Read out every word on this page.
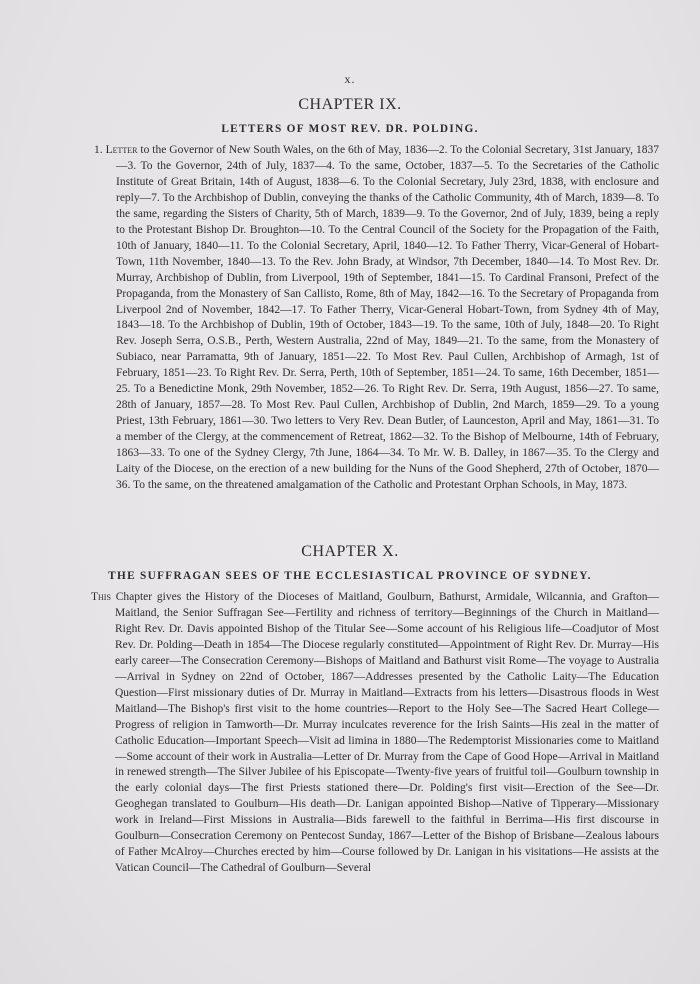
x.
CHAPTER IX.
LETTERS OF MOST REV. DR. POLDING.

1. Letter to the Governor of New South Wales, on the 6th of May, 1836—2. To the Colonial Secretary, 31st January, 1837—3. To the Governor, 24th of July, 1837—4. To the same, October, 1837—5. To the Secretaries of the Catholic Institute of Great Britain, 14th of August, 1838—6. To the Colonial Secretary, July 23rd, 1838, with enclosure and reply—7. To the Archbishop of Dublin, conveying the thanks of the Catholic Community, 4th of March, 1839—8. To the same, regarding the Sisters of Charity, 5th of March, 1839—9. To the Governor, 2nd of July, 1839, being a reply to the Protestant Bishop Dr. Broughton—10. To the Central Council of the Society for the Propagation of the Faith, 10th of January, 1840—11. To the Colonial Secretary, April, 1840—12. To Father Therry, Vicar-General of Hobart-Town, 11th November, 1840—13. To the Rev. John Brady, at Windsor, 7th December, 1840—14. To Most Rev. Dr. Murray, Archbishop of Dublin, from Liverpool, 19th of September, 1841—15. To Cardinal Fransoni, Prefect of the Propaganda, from the Monastery of San Callisto, Rome, 8th of May, 1842—16. To the Secretary of Propaganda from Liverpool 2nd of November, 1842—17. To Father Therry, Vicar-General Hobart-Town, from Sydney 4th of May, 1843—18. To the Archbishop of Dublin, 19th of October, 1843—19. To the same, 10th of July, 1848—20. To Right Rev. Joseph Serra, O.S.B., Perth, Western Australia, 22nd of May, 1849—21. To the same, from the Monastery of Subiaco, near Parramatta, 9th of January, 1851—22. To Most Rev. Paul Cullen, Archbishop of Armagh, 1st of February, 1851—23. To Right Rev. Dr. Serra, Perth, 10th of September, 1851—24. To same, 16th December, 1851—25. To a Benedictine Monk, 29th November, 1852—26. To Right Rev. Dr. Serra, 19th August, 1856—27. To same, 28th of January, 1857—28. To Most Rev. Paul Cullen, Archbishop of Dublin, 2nd March, 1859—29. To a young Priest, 13th February, 1861—30. Two letters to Very Rev. Dean Butler, of Launceston, April and May, 1861—31. To a member of the Clergy, at the commencement of Retreat, 1862—32. To the Bishop of Melbourne, 14th of February, 1863—33. To one of the Sydney Clergy, 7th June, 1864—34. To Mr. W. B. Dalley, in 1867—35. To the Clergy and Laity of the Diocese, on the erection of a new building for the Nuns of the Good Shepherd, 27th of October, 1870—36. To the same, on the threatened amalgamation of the Catholic and Protestant Orphan Schools, in May, 1873.

CHAPTER X.
THE SUFFRAGAN SEES OF THE ECCLESIASTICAL PROVINCE OF SYDNEY.

This Chapter gives the History of the Dioceses of Maitland, Goulburn, Bathurst, Armidale, Wilcannia, and Grafton—Maitland, the Senior Suffragan See—Fertility and richness of territory—Beginnings of the Church in Maitland—Right Rev. Dr. Davis appointed Bishop of the Titular See—Some account of his Religious life—Coadjutor of Most Rev. Dr. Polding—Death in 1854—The Diocese regularly constituted—Appointment of Right Rev. Dr. Murray—His early career—The Consecration Ceremony—Bishops of Maitland and Bathurst visit Rome—The voyage to Australia—Arrival in Sydney on 22nd of October, 1867—Addresses presented by the Catholic Laity—The Education Question—First missionary duties of Dr. Murray in Maitland—Extracts from his letters—Disastrous floods in West Maitland—The Bishop's first visit to the home countries—Report to the Holy See—The Sacred Heart College—Progress of religion in Tamworth—Dr. Murray inculcates reverence for the Irish Saints—His zeal in the matter of Catholic Education—Important Speech—Visit ad limina in 1880—The Redemptorist Missionaries come to Maitland—Some account of their work in Australia—Letter of Dr. Murray from the Cape of Good Hope—Arrival in Maitland in renewed strength—The Silver Jubilee of his Episcopate—Twenty-five years of fruitful toil—Goulburn township in the early colonial days—The first Priests stationed there—Dr. Polding's first visit—Erection of the See—Dr. Geoghegan translated to Goulburn—His death—Dr. Lanigan appointed Bishop—Native of Tipperary—Missionary work in Ireland—First Missions in Australia—Bids farewell to the faithful in Berrima—His first discourse in Goulburn—Consecration Ceremony on Pentecost Sunday, 1867—Letter of the Bishop of Brisbane—Zealous labours of Father McAlroy—Churches erected by him—Course followed by Dr. Lanigan in his visitations—He assists at the Vatican Council—The Cathedral of Goulburn—Several
